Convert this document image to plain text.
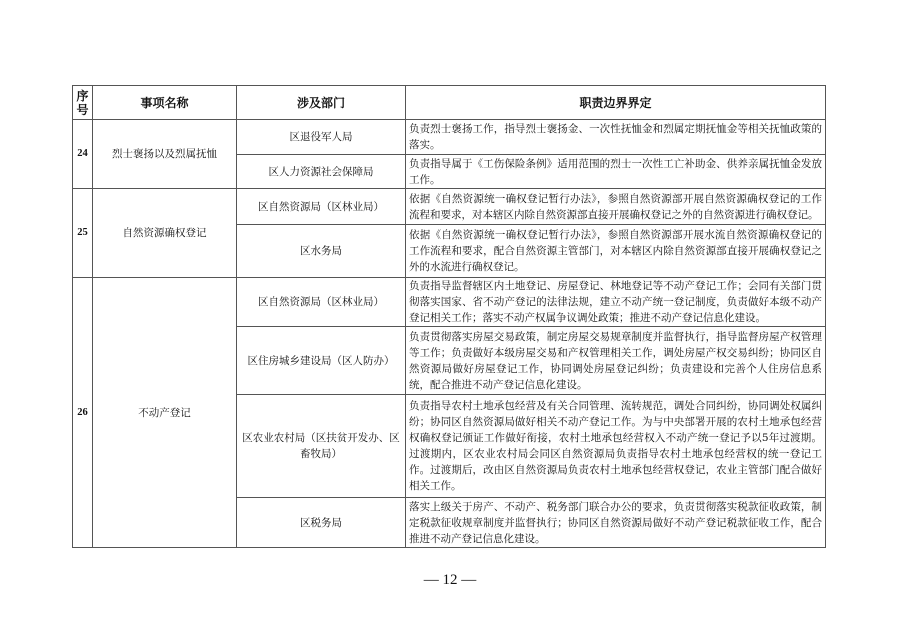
序号	事项名称	涉及部门	职责边界界定
24	烈士褒扬以及烈属抚恤	区退役军人局	负责烈士褒扬工作，指导烈士褒扬金、一次性抚恤金和烈属定期抚恤金等相关抚恤政策的落实。
		区人力资源社会保障局	负责指导属于《工伤保险条例》适用范围的烈士一次性工亡补助金、供养亲属抚恤金发放工作。
25	自然资源确权登记	区自然资源局（区林业局）	依据《自然资源统一确权登记暂行办法》，参照自然资源部开展自然资源确权登记的工作流程和要求，对本辖区内除自然资源部直接开展确权登记之外的自然资源进行确权登记。
		区水务局	依据《自然资源统一确权登记暂行办法》，参照自然资源部开展水流自然资源确权登记的工作流程和要求，配合自然资源主管部门，对本辖区内除自然资源部直接开展确权登记之外的水流进行确权登记。
26	不动产登记	区自然资源局（区林业局）	负责指导监督辖区内土地登记、房屋登记、林地登记等不动产登记工作；会同有关部门贯彻落实国家、省不动产登记的法律法规，建立不动产统一登记制度，负责做好本级不动产登记相关工作；落实不动产权属争议调处政策；推进不动产登记信息化建设。
		区住房城乡建设局（区人防办）	负责贯彻落实房屋交易政策，制定房屋交易规章制度并监督执行，指导监督房屋产权管理等工作；负责做好本级房屋交易和产权管理相关工作，调处房屋产权交易纠纷；协同区自然资源局做好房屋登记工作，协同调处房屋登记纠纷；负责建设和完善个人住房信息系统，配合推进不动产登记信息化建设。
		区农业农村局（区扶贫开发办、区畜牧局）	负责指导农村土地承包经营及有关合同管理、流转规范，调处合同纠纷，协同调处权属纠纷；协同区自然资源局做好相关不动产登记工作。为与中央部署开展的农村土地承包经营权确权登记颁证工作做好衔接，农村土地承包经营权入不动产统一登记予以5年过渡期。过渡期内，区农业农村局会同区自然资源局负责指导农村土地承包经营权的统一登记工作。过渡期后，改由区自然资源局负责农村土地承包经营权登记，农业主管部门配合做好相关工作。
		区税务局	落实上级关于房产、不动产、税务部门联合办公的要求，负责贯彻落实税款征收政策，制定税款征收规章制度并监督执行；协同区自然资源局做好不动产登记税款征收工作，配合推进不动产登记信息化建设。
— 12 —
